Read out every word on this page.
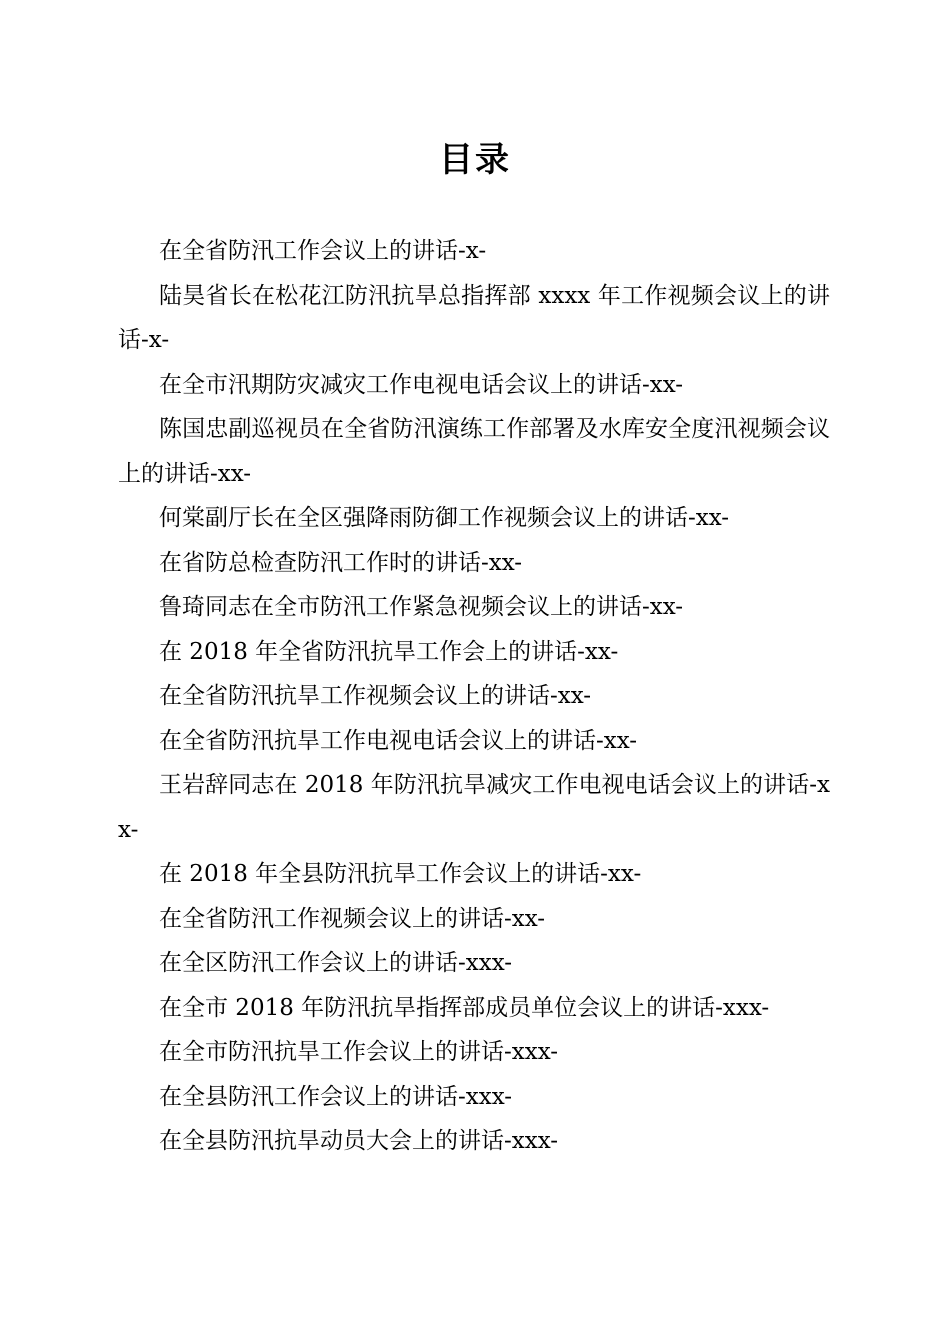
目录
在全省防汛工作会议上的讲话-x-
陆昊省长在松花江防汛抗旱总指挥部 xxxx 年工作视频会议上的讲话-x-
在全市汛期防灾减灾工作电视电话会议上的讲话-xx-
陈国忠副巡视员在全省防汛演练工作部署及水库安全度汛视频会议上的讲话-xx-
何棠副厅长在全区强降雨防御工作视频会议上的讲话-xx-
在省防总检查防汛工作时的讲话-xx-
鲁琦同志在全市防汛工作紧急视频会议上的讲话-xx-
在 2018 年全省防汛抗旱工作会上的讲话-xx-
在全省防汛抗旱工作视频会议上的讲话-xx-
在全省防汛抗旱工作电视电话会议上的讲话-xx-
王岩辞同志在 2018 年防汛抗旱减灾工作电视电话会议上的讲话-xx-
在 2018 年全县防汛抗旱工作会议上的讲话-xx-
在全省防汛工作视频会议上的讲话-xx-
在全区防汛工作会议上的讲话-xxx-
在全市 2018 年防汛抗旱指挥部成员单位会议上的讲话-xxx-
在全市防汛抗旱工作会议上的讲话-xxx-
在全县防汛工作会议上的讲话-xxx-
在全县防汛抗旱动员大会上的讲话-xxx-
